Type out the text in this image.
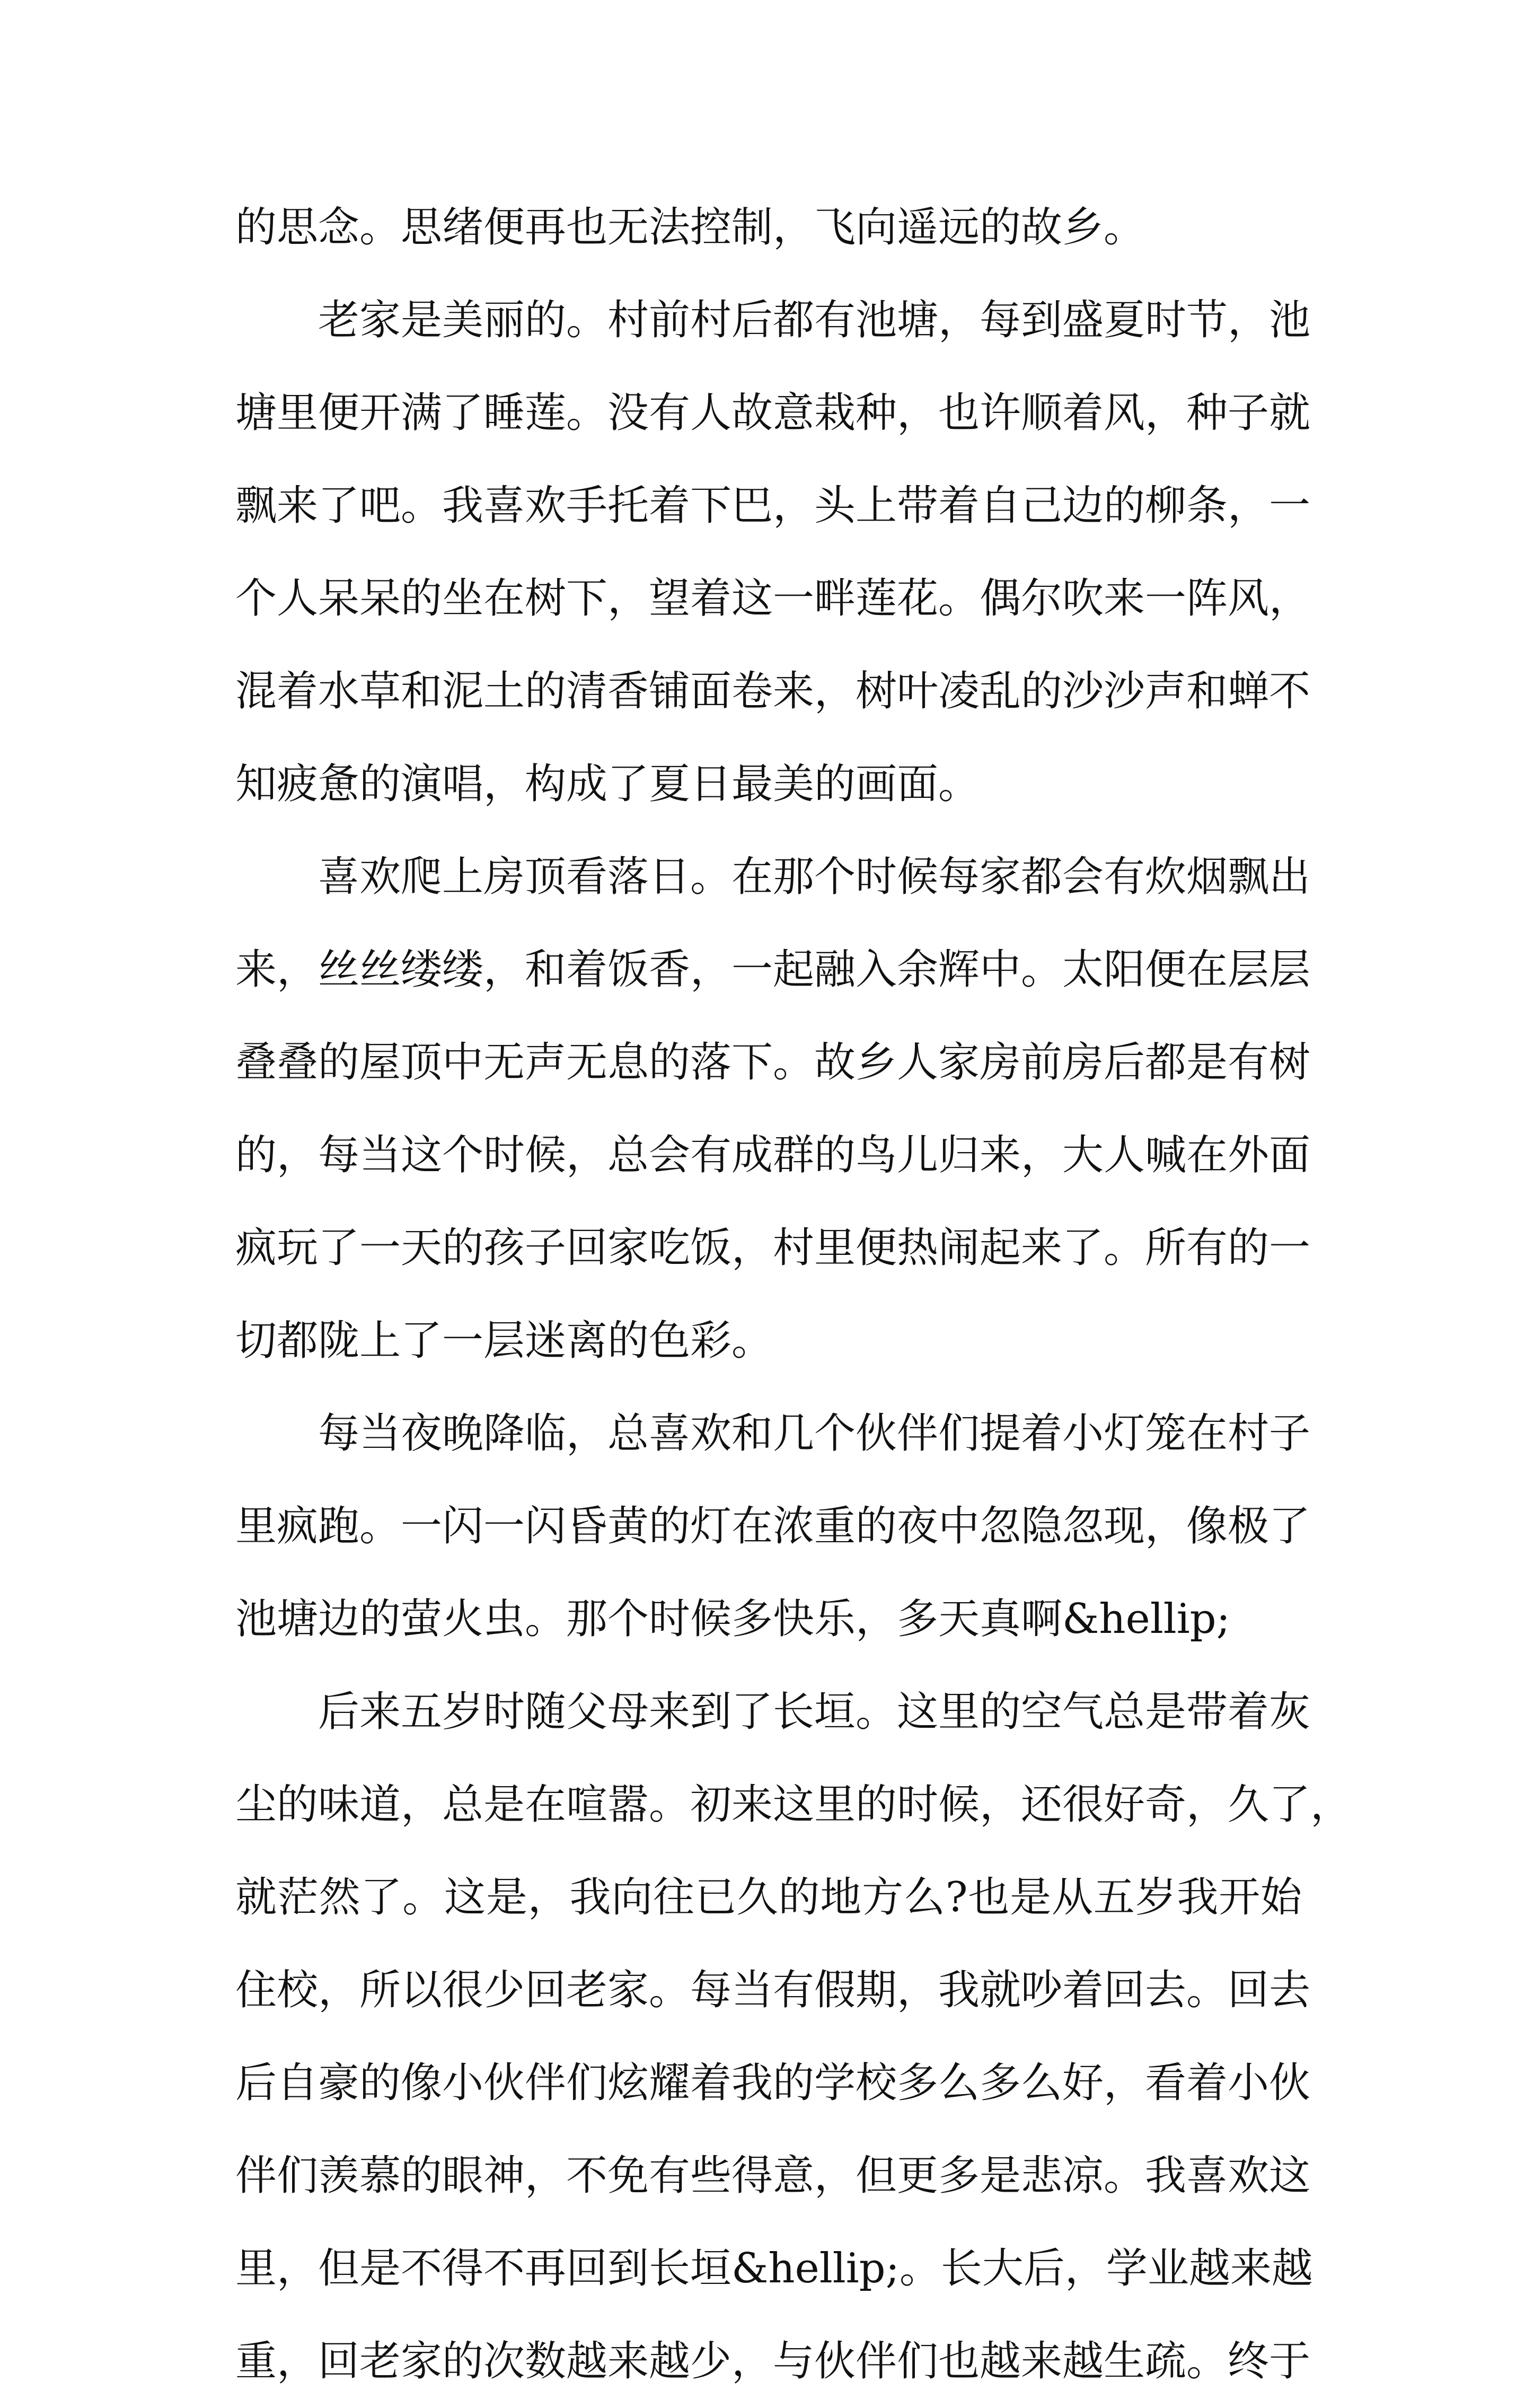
的思念。思绪便再也无法控制，飞向遥远的故乡。
老家是美丽的。村前村后都有池塘，每到盛夏时节，池
塘里便开满了睡莲。没有人故意栽种，也许顺着风，种子就
飘来了吧。我喜欢手托着下巴，头上带着自己边的柳条，一
个人呆呆的坐在树下，望着这一畔莲花。偶尔吹来一阵风，
混着水草和泥土的清香铺面卷来，树叶凌乱的沙沙声和蝉不
知疲惫的演唱，构成了夏日最美的画面。
喜欢爬上房顶看落日。在那个时候每家都会有炊烟飘出
来，丝丝缕缕，和着饭香，一起融入余辉中。太阳便在层层
叠叠的屋顶中无声无息的落下。故乡人家房前房后都是有树
的，每当这个时候，总会有成群的鸟儿归来，大人喊在外面
疯玩了一天的孩子回家吃饭，村里便热闹起来了。所有的一
切都陇上了一层迷离的色彩。
每当夜晚降临，总喜欢和几个伙伴们提着小灯笼在村子
里疯跑。一闪一闪昏黄的灯在浓重的夜中忽隐忽现，像极了
池塘边的萤火虫。那个时候多快乐，多天真啊&hellip;
后来五岁时随父母来到了长垣。这里的空气总是带着灰
尘的味道，总是在喧嚣。初来这里的时候，还很好奇，久了，
就茫然了。这是，我向往已久的地方么?也是从五岁我开始
住校，所以很少回老家。每当有假期，我就吵着回去。回去
后自豪的像小伙伴们炫耀着我的学校多么多么好，看着小伙
伴们羡慕的眼神，不免有些得意，但更多是悲凉。我喜欢这
里，但是不得不再回到长垣&hellip;。长大后，学业越来越
重，回老家的次数越来越少，与伙伴们也越来越生疏。终于
